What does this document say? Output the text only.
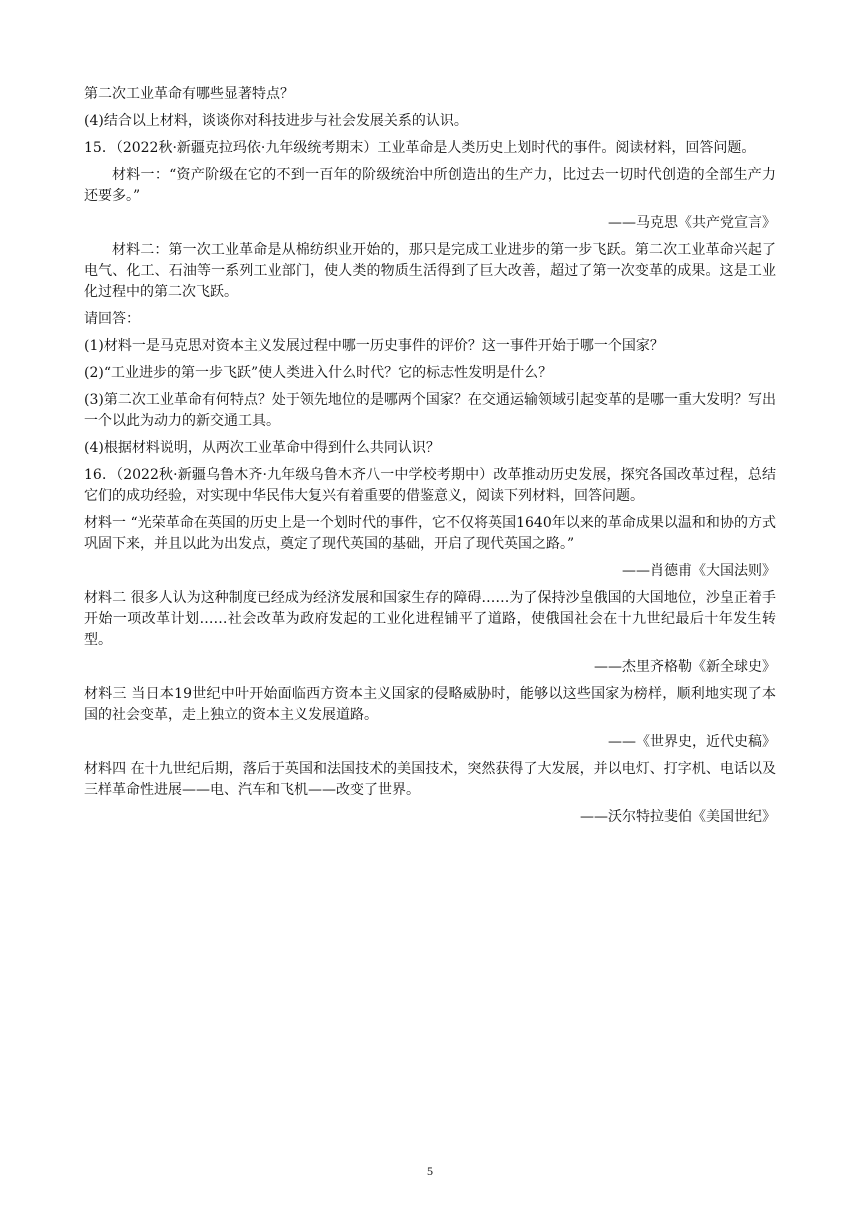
第二次工业革命有哪些显著特点？

(4)结合以上材料，谈谈你对科技进步与社会发展关系的认识。

15．（2022秋·新疆克拉玛依·九年级统考期末）工业革命是人类历史上划时代的事件。阅读材料，回答问题。

材料一：“资产阶级在它的不到一百年的阶级统治中所创造出的生产力，比过去一切时代创造的全部生产力还要多。”

——马克思《共产党宣言》

材料二：第一次工业革命是从棉纺织业开始的，那只是完成工业进步的第一步飞跃。第二次工业革命兴起了电气、化工、石油等一系列工业部门，使人类的物质生活得到了巨大改善，超过了第一次变革的成果。这是工业化过程中的第二次飞跃。

请回答：

(1)材料一是马克思对资本主义发展过程中哪一历史事件的评价？这一事件开始于哪一个国家？

(2)“工业进步的第一步飞跃”使人类进入什么时代？它的标志性发明是什么？

(3)第二次工业革命有何特点？处于领先地位的是哪两个国家？在交通运输领域引起变革的是哪一重大发明？写出一个以此为动力的新交通工具。

(4)根据材料说明，从两次工业革命中得到什么共同认识？

16．（2022秋·新疆乌鲁木齐·九年级乌鲁木齐八一中学校考期中）改革推动历史发展，探究各国改革过程，总结它们的成功经验，对实现中华民伟大复兴有着重要的借鉴意义，阅读下列材料，回答问题。

材料一 “光荣革命在英国的历史上是一个划时代的事件，它不仅将英国1640年以来的革命成果以温和和协的方式巩固下来，并且以此为出发点，奠定了现代英国的基础，开启了现代英国之路。”

——肖德甫《大国法则》

材料二 很多人认为这种制度已经成为经济发展和国家生存的障碍……为了保持沙皇俄国的大国地位，沙皇正着手开始一项改革计划……社会改革为政府发起的工业化进程铺平了道路，使俄国社会在十九世纪最后十年发生转型。

——杰里齐格勒《新全球史》

材料三 当日本19世纪中叶开始面临西方资本主义国家的侵略威胁时，能够以这些国家为榜样，顺利地实现了本国的社会变革，走上独立的资本主义发展道路。

——《世界史，近代史稿》

材料四 在十九世纪后期，落后于英国和法国技术的美国技术，突然获得了大发展，并以电灯、打字机、电话以及三样革命性进展——电、汽车和飞机——改变了世界。

——沃尔特拉斐伯《美国世纪》

5
